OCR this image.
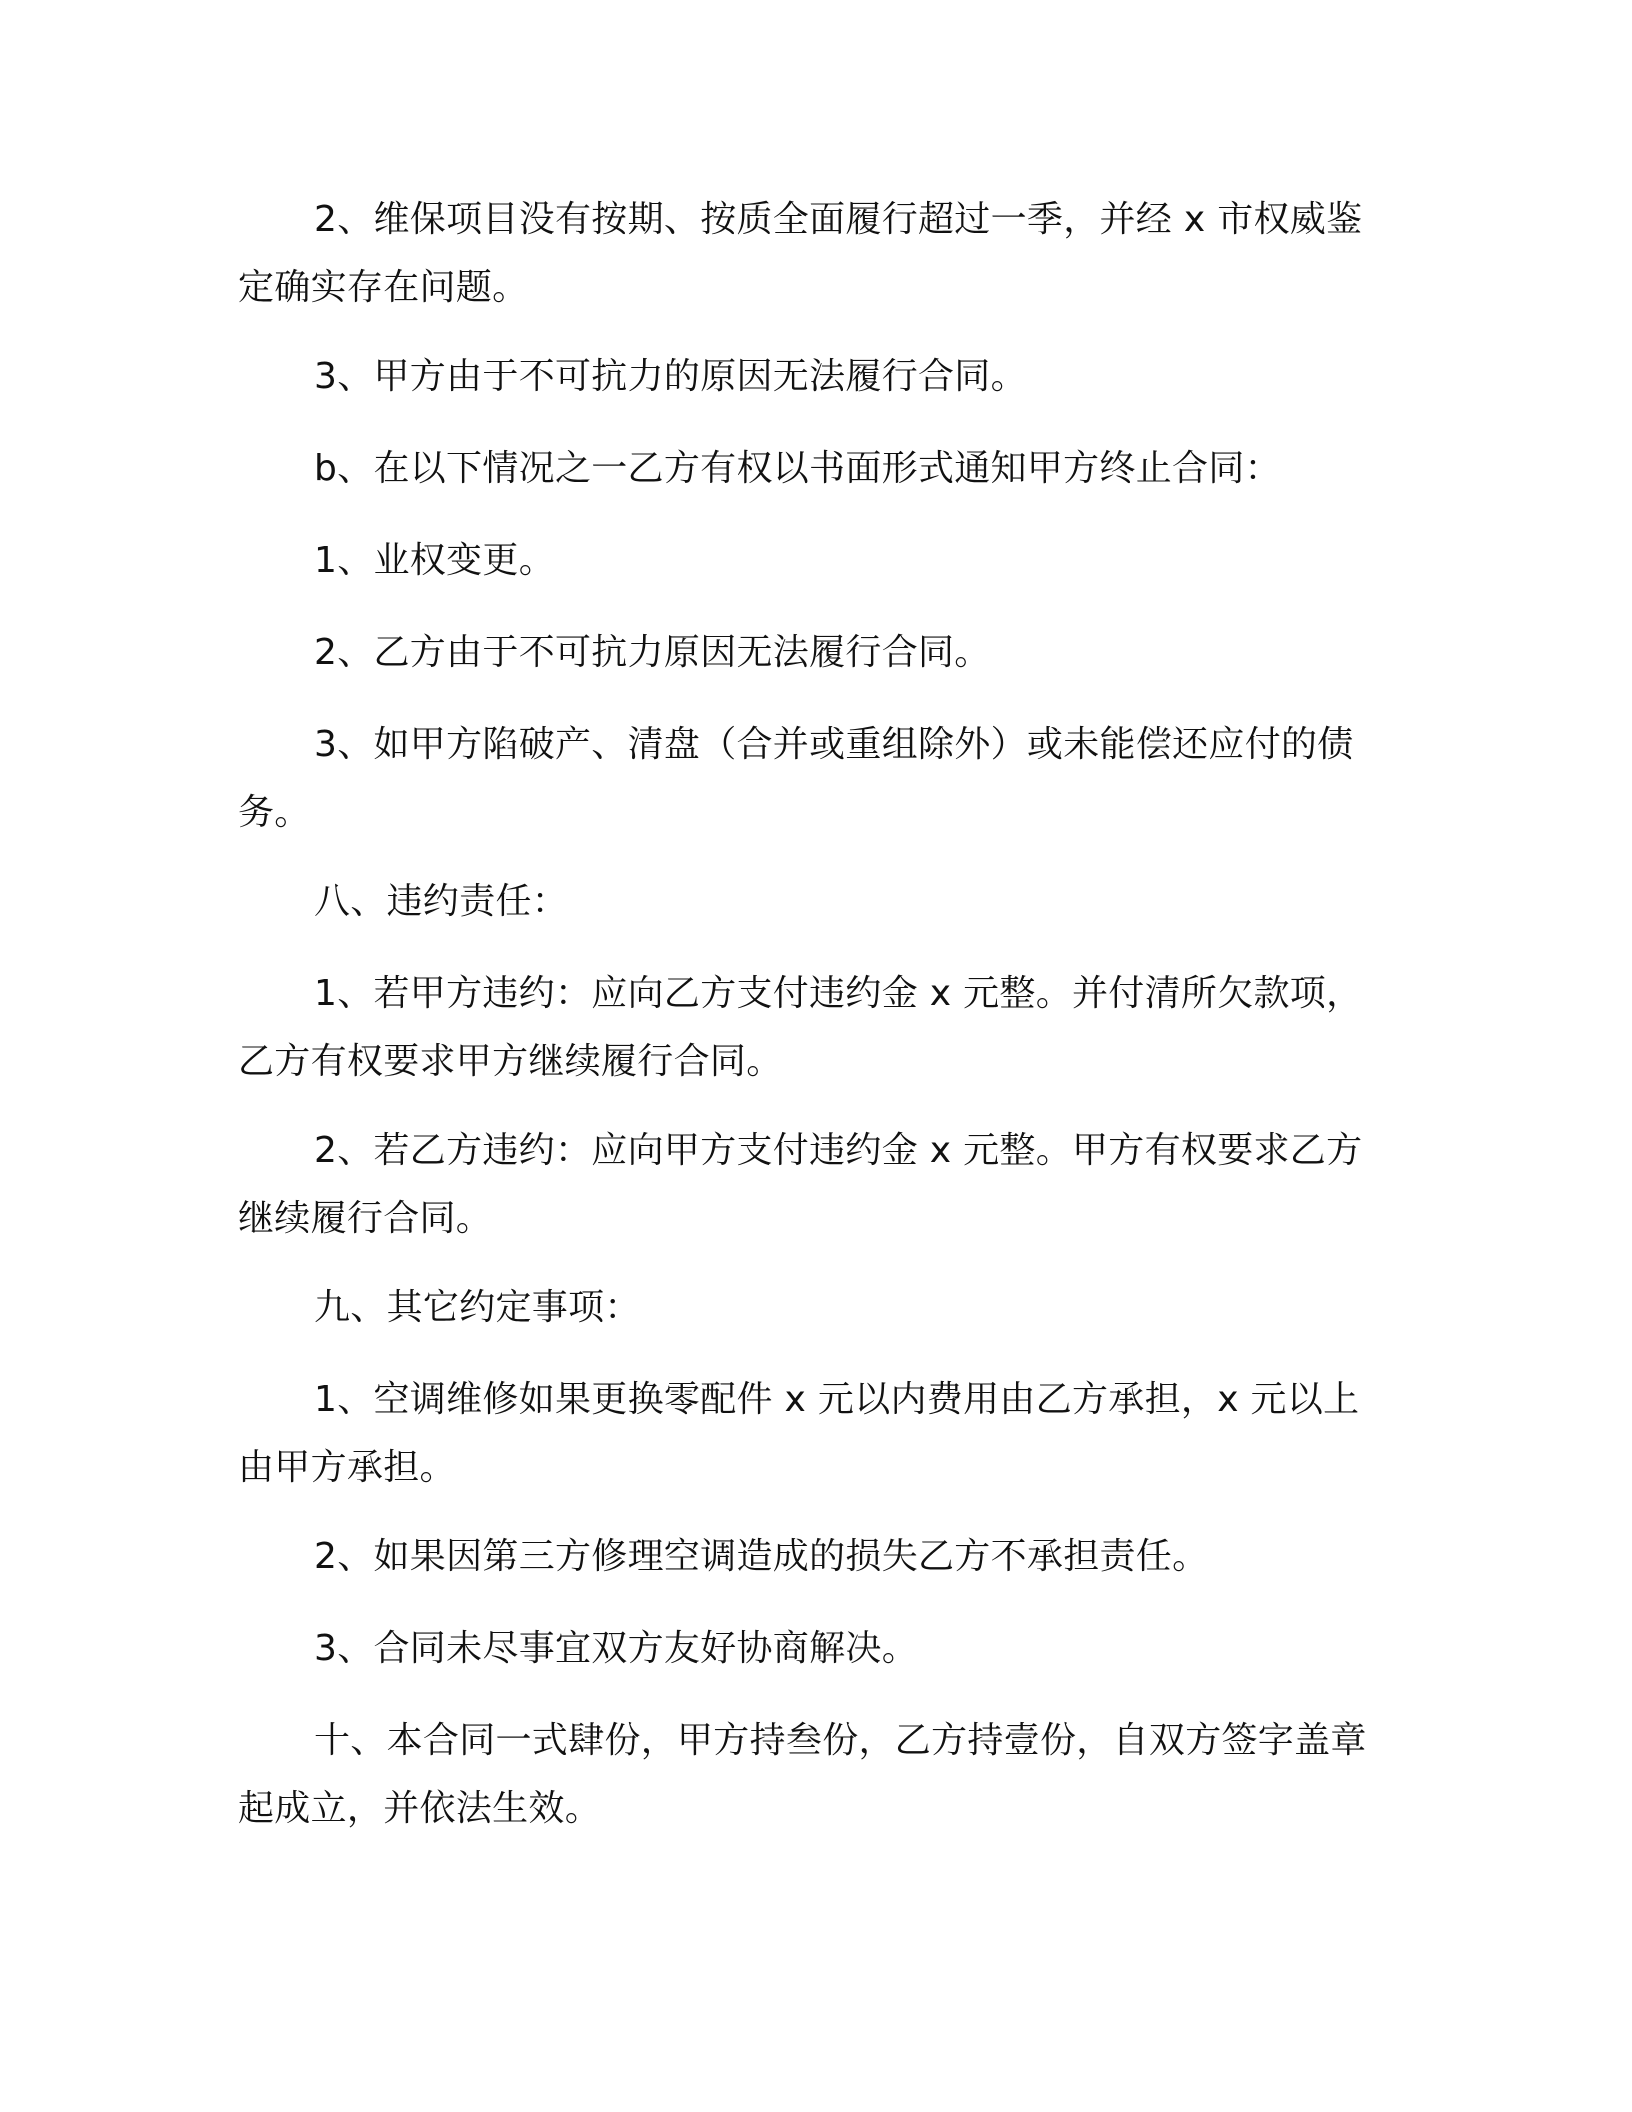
2、维保项目没有按期、按质全面履行超过一季，并经 x 市权威鉴定确实存在问题。

3、甲方由于不可抗力的原因无法履行合同。

b、在以下情况之一乙方有权以书面形式通知甲方终止合同：

1、业权变更。

2、乙方由于不可抗力原因无法履行合同。

3、如甲方陷破产、清盘（合并或重组除外）或未能偿还应付的债务。

八、违约责任：

1、若甲方违约：应向乙方支付违约金 x 元整。并付清所欠款项，乙方有权要求甲方继续履行合同。

2、若乙方违约：应向甲方支付违约金 x 元整。甲方有权要求乙方继续履行合同。

九、其它约定事项：

1、空调维修如果更换零配件 x 元以内费用由乙方承担，x 元以上由甲方承担。

2、如果因第三方修理空调造成的损失乙方不承担责任。

3、合同未尽事宜双方友好协商解决。

十、本合同一式肆份，甲方持叁份，乙方持壹份，自双方签字盖章起成立，并依法生效。
